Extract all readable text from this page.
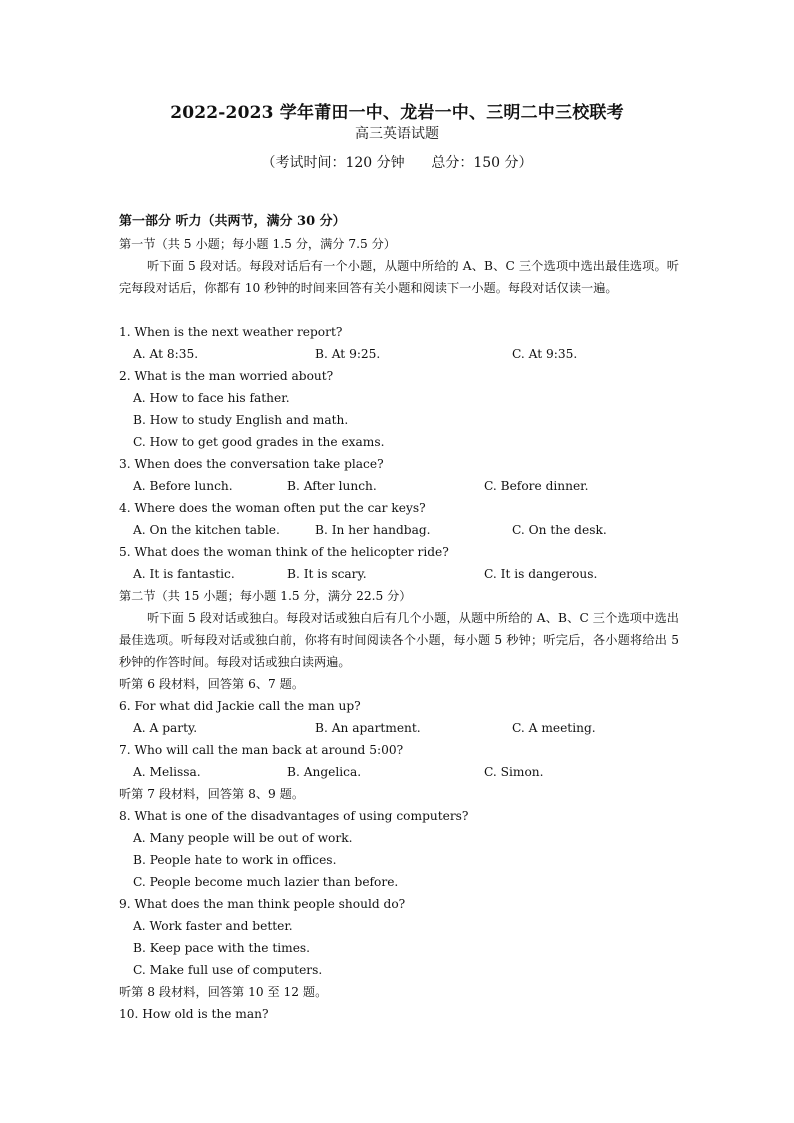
2022-2023 学年莆田一中、龙岩一中、三明二中三校联考
高三英语试题
（考试时间：120 分钟      总分：150 分）
第一部分 听力（共两节，满分 30 分）
第一节（共 5 小题；每小题 1.5 分，满分 7.5 分）
听下面 5 段对话。每段对话后有一个小题，从题中所给的 A、B、C 三个选项中选出最佳选项。听完每段对话后，你都有 10 秒钟的时间来回答有关小题和阅读下一小题。每段对话仅读一遍。
1. When is the next weather report?
A. At 8:35.	B. At 9:25.	C. At 9:35.
2. What is the man worried about?
A. How to face his father.
B. How to study English and math.
C. How to get good grades in the exams.
3. When does the conversation take place?
A. Before lunch.	B. After lunch.	C. Before dinner.
4. Where does the woman often put the car keys?
A. On the kitchen table.	B. In her handbag.	C. On the desk.
5. What does the woman think of the helicopter ride?
A. It is fantastic.	B. It is scary.	C. It is dangerous.
第二节（共 15 小题；每小题 1.5 分，满分 22.5 分）
听下面 5 段对话或独白。每段对话或独白后有几个小题，从题中所给的 A、B、C 三个选项中选出最佳选项。听每段对话或独白前，你将有时间阅读各个小题，每小题 5 秒钟；听完后，各小题将给出 5 秒钟的作答时间。每段对话或独白读两遍。
听第 6 段材料，回答第 6、7 题。
6. For what did Jackie call the man up?
A. A party.	B. An apartment.	C. A meeting.
7. Who will call the man back at around 5:00?
A. Melissa.	B. Angelica.	C. Simon.
听第 7 段材料，回答第 8、9 题。
8. What is one of the disadvantages of using computers?
A. Many people will be out of work.
B. People hate to work in offices.
C. People become much lazier than before.
9. What does the man think people should do?
A. Work faster and better.
B. Keep pace with the times.
C. Make full use of computers.
听第 8 段材料，回答第 10 至 12 题。
10. How old is the man?
